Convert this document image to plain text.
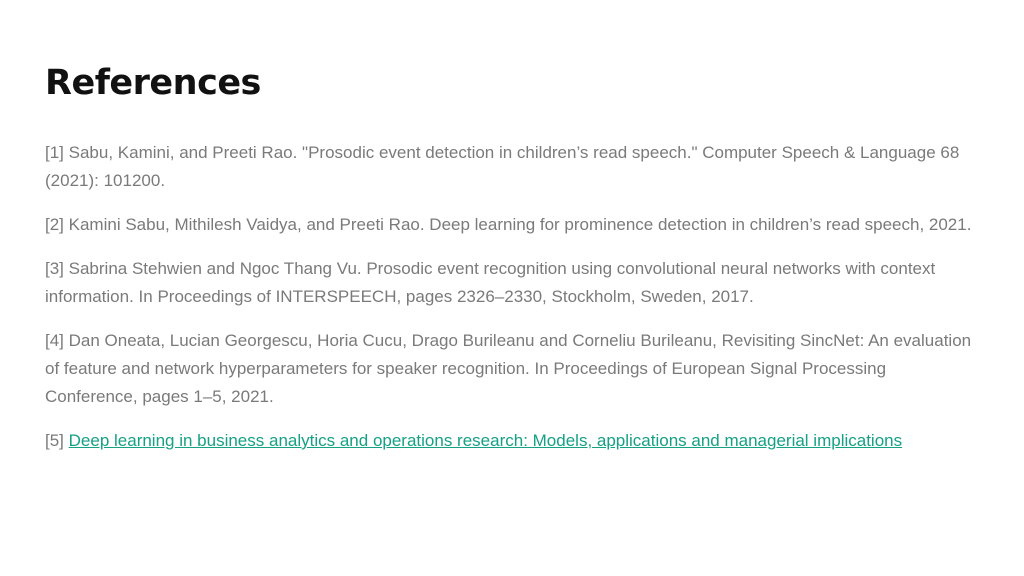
References
[1] Sabu, Kamini, and Preeti Rao. "Prosodic event detection in children’s read speech." Computer Speech & Language 68 (2021): 101200.
[2] Kamini Sabu, Mithilesh Vaidya, and Preeti Rao. Deep learning for prominence detection in children’s read speech, 2021.
[3] Sabrina Stehwien and Ngoc Thang Vu. Prosodic event recognition using convolutional neural networks with context information. In Proceedings of INTERSPEECH, pages 2326–2330, Stockholm, Sweden, 2017.
[4] Dan Oneata, Lucian Georgescu, Horia Cucu, Drago Burileanu and Corneliu Burileanu, Revisiting SincNet: An evaluation of feature and network hyperparameters for speaker recognition. In Proceedings of European Signal Processing Conference, pages 1–5, 2021.
[5] Deep learning in business analytics and operations research: Models, applications and managerial implications
